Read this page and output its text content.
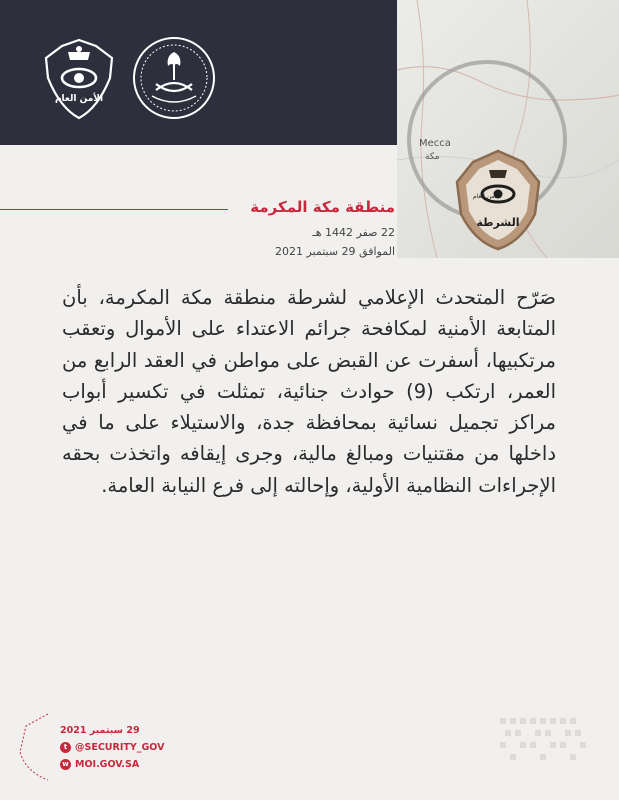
الأمن العام
Mecca
مكة
الشرطة
الأمن العام
منطقة مكة المكرمة
22 صفر 1442 هـ
الموافق 29 سبتمبر 2021
صَرّح المتحدث الإعلامي لشرطة منطقة مكة المكرمة، بأن المتابعة الأمنية لمكافحة جرائم الاعتداء على الأموال وتعقب مرتكبيها، أسفرت عن القبض على مواطن في العقد الرابع من العمر، ارتكب (9) حوادث جنائية، تمثلت في تكسير أبواب مراكز تجميل نسائية بمحافظة جدة، والاستيلاء على ما في داخلها من مقتنيات ومبالغ مالية، وجرى إيقافه واتخذت بحقه الإجراءات النظامية الأولية، وإحالته إلى فرع النيابة العامة.
29 سبتمبر 2021
t @SECURITY_GOV
w MOI.GOV.SA
